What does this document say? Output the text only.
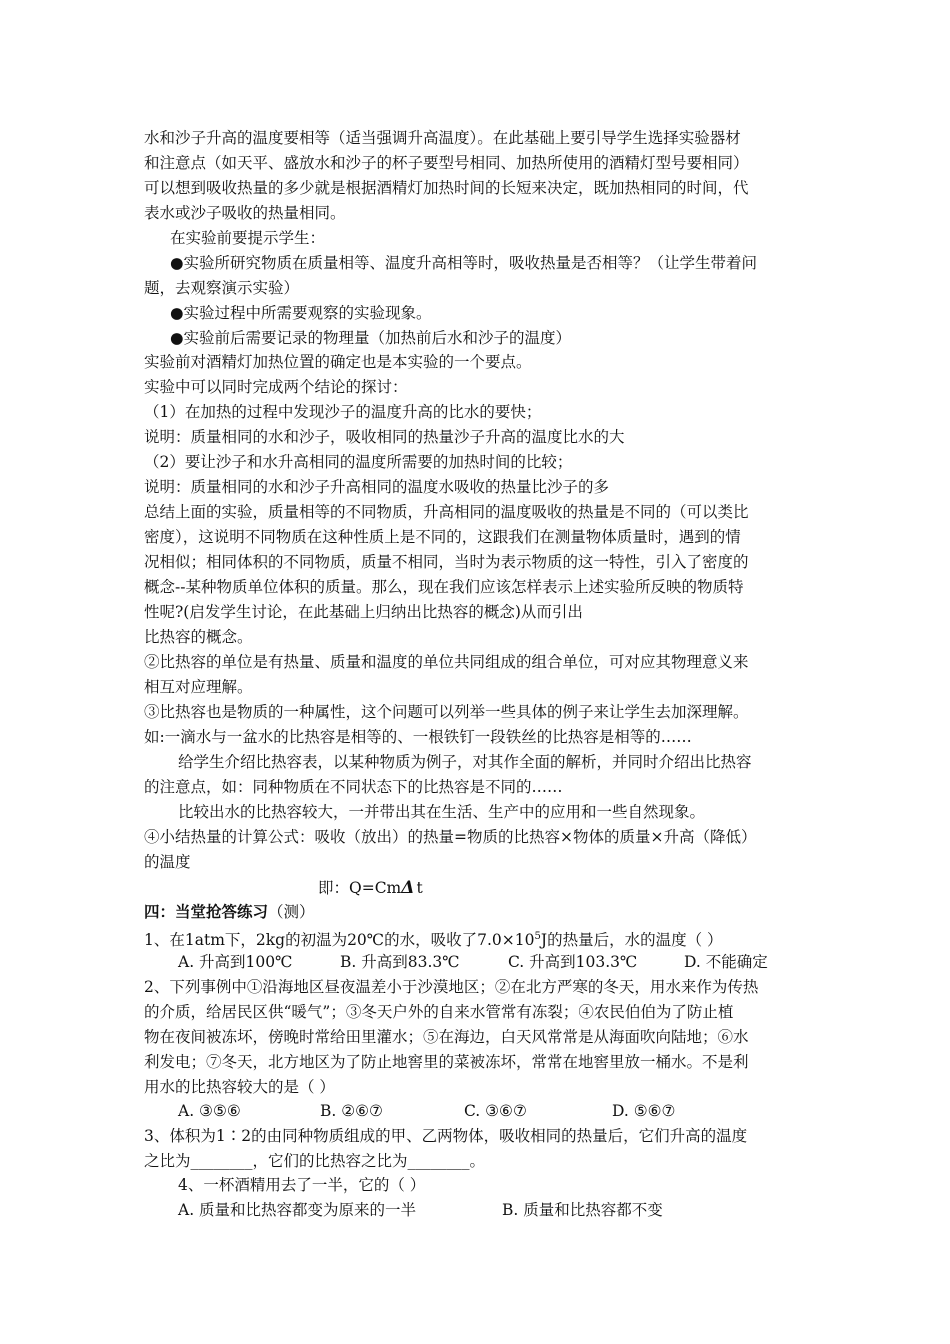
水和沙子升高的温度要相等（适当强调升高温度）。在此基础上要引导学生选择实验器材
和注意点（如天平、盛放水和沙子的杯子要型号相同、加热所使用的酒精灯型号要相同）
可以想到吸收热量的多少就是根据酒精灯加热时间的长短来决定，既加热相同的时间，代
表水或沙子吸收的热量相同。
在实验前要提示学生：
●实验所研究物质在质量相等、温度升高相等时，吸收热量是否相等？（让学生带着问
题，去观察演示实验）
●实验过程中所需要观察的实验现象。
●实验前后需要记录的物理量（加热前后水和沙子的温度）
实验前对酒精灯加热位置的确定也是本实验的一个要点。
实验中可以同时完成两个结论的探讨：
（1）在加热的过程中发现沙子的温度升高的比水的要快；
说明：质量相同的水和沙子，吸收相同的热量沙子升高的温度比水的大
（2）要让沙子和水升高相同的温度所需要的加热时间的比较；
说明：质量相同的水和沙子升高相同的温度水吸收的热量比沙子的多
总结上面的实验，质量相等的不同物质，升高相同的温度吸收的热量是不同的（可以类比
密度），这说明不同物质在这种性质上是不同的，这跟我们在测量物体质量时，遇到的情
况相似；相同体积的不同物质，质量不相同，当时为表示物质的这一特性，引入了密度的
概念--某种物质单位体积的质量。那么，现在我们应该怎样表示上述实验所反映的物质特
性呢?(启发学生讨论，在此基础上归纳出比热容的概念)从而引出
比热容的概念。
②比热容的单位是有热量、质量和温度的单位共同组成的组合单位，可对应其物理意义来
相互对应理解。
③比热容也是物质的一种属性，这个问题可以列举一些具体的例子来让学生去加深理解。
如:一滴水与一盆水的比热容是相等的、一根铁钉一段铁丝的比热容是相等的……
给学生介绍比热容表，以某种物质为例子，对其作全面的解析，并同时介绍出比热容
的注意点，如：同种物质在不同状态下的比热容是不同的……
比较出水的比热容较大，一并带出其在生活、生产中的应用和一些自然现象。
④小结热量的计算公式：吸收（放出）的热量=物质的比热容×物体的质量×升高（降低）
的温度
即：Q=CmΔ t
四：当堂抢答练习（测）
1、在1atm下，2kg的初温为20℃的水，吸收了$7.0\times 10^5J$的热量后，水的温度（ ）
A. 升高到100℃	B. 升高到83.3℃	C. 升高到103.3℃	D. 不能确定
2、下列事例中①沿海地区昼夜温差小于沙漠地区；②在北方严寒的冬天，用水来作为传热
的介质，给居民区供“暖气”；③冬天户外的自来水管常有冻裂；④农民伯伯为了防止植
物在夜间被冻坏，傍晚时常给田里灌水；⑤在海边，白天风常常是从海面吹向陆地；⑥水
利发电；⑦冬天，北方地区为了防止地窖里的菜被冻坏，常常在地窖里放一桶水。不是利
用水的比热容较大的是（ ）
A. ③⑤⑥	B. ②⑥⑦	C. ③⑥⑦	D. ⑤⑥⑦
3、体积为1∶2的由同种物质组成的甲、乙两物体，吸收相同的热量后，它们升高的温度
之比为________，它们的比热容之比为________。
4、一杯酒精用去了一半，它的（ ）
A. 质量和比热容都变为原来的一半	B. 质量和比热容都不变
